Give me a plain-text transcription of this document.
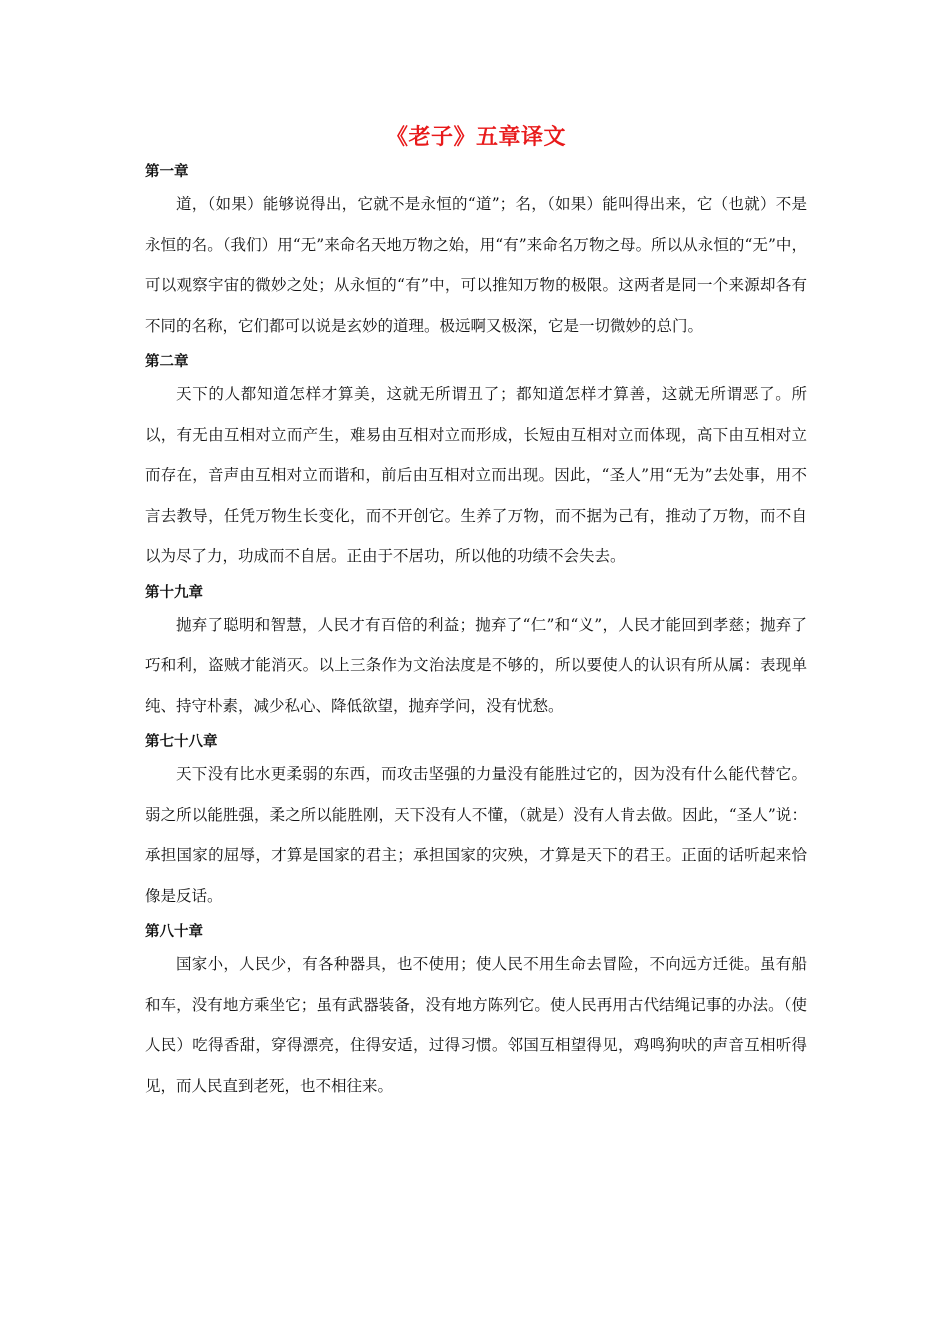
《老子》五章译文
第一章

道，（如果）能够说得出，它就不是永恒的“道”；名，（如果）能叫得出来，它（也就）不是永恒的名。（我们）用“无”来命名天地万物之始，用“有”来命名万物之母。所以从永恒的“无”中，可以观察宇宙的微妙之处；从永恒的“有”中，可以推知万物的极限。这两者是同一个来源却各有不同的名称，它们都可以说是玄妙的道理。极远啊又极深，它是一切微妙的总门。

第二章

天下的人都知道怎样才算美，这就无所谓丑了；都知道怎样才算善，这就无所谓恶了。所以，有无由互相对立而产生，难易由互相对立而形成，长短由互相对立而体现，高下由互相对立而存在，音声由互相对立而谐和，前后由互相对立而出现。因此，“圣人”用“无为”去处事，用不言去教导，任凭万物生长变化，而不开创它。生养了万物，而不据为己有，推动了万物，而不自以为尽了力，功成而不自居。正由于不居功，所以他的功绩不会失去。

第十九章

抛弃了聪明和智慧，人民才有百倍的利益；抛弃了“仁”和“义”，人民才能回到孝慈；抛弃了巧和利，盗贼才能消灭。以上三条作为文治法度是不够的，所以要使人的认识有所从属：表现单纯、持守朴素，减少私心、降低欲望，抛弃学问，没有忧愁。

第七十八章

天下没有比水更柔弱的东西，而攻击坚强的力量没有能胜过它的，因为没有什么能代替它。弱之所以能胜强，柔之所以能胜刚，天下没有人不懂，（就是）没有人肯去做。因此，“圣人”说：承担国家的屈辱，才算是国家的君主；承担国家的灾殃，才算是天下的君王。正面的话听起来恰像是反话。

第八十章

国家小，人民少，有各种器具，也不使用；使人民不用生命去冒险，不向远方迁徙。虽有船和车，没有地方乘坐它；虽有武器装备，没有地方陈列它。使人民再用古代结绳记事的办法。（使人民）吃得香甜，穿得漂亮，住得安适，过得习惯。邻国互相望得见，鸡鸣狗吠的声音互相听得见，而人民直到老死，也不相往来。
